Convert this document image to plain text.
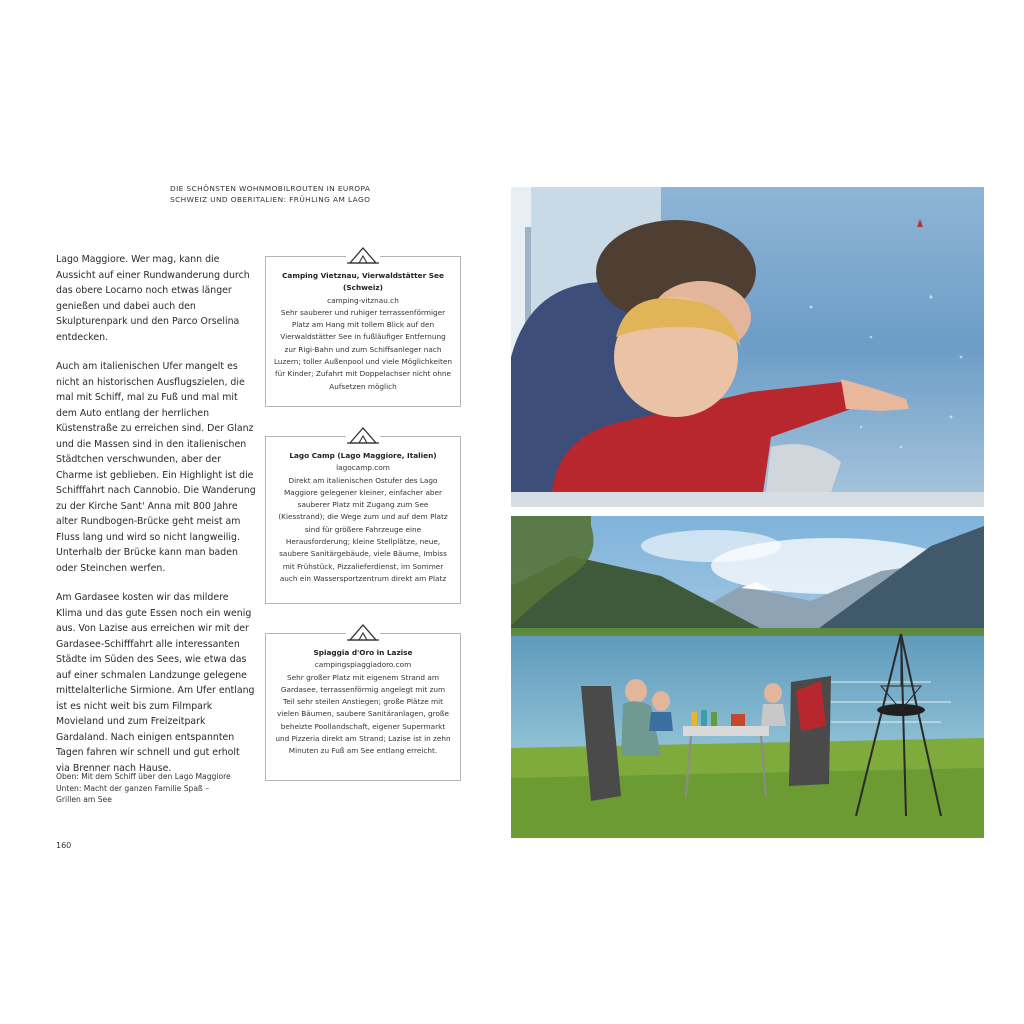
DIE SCHÖNSTEN WOHNMOBILROUTEN IN EUROPA
SCHWEIZ UND OBERITALIEN: FRÜHLING AM LAGO

Lago Maggiore. Wer mag, kann die Aussicht auf einer Rundwanderung durch das obere Locarno noch etwas länger genießen und dabei auch den Skulpturenpark und den Parco Orselina entdecken.

Auch am italienischen Ufer mangelt es nicht an historischen Ausflugszielen, die mal mit Schiff, mal zu Fuß und mal mit dem Auto entlang der herrlichen Küstenstraße zu erreichen sind. Der Glanz und die Massen sind in den italienischen Städtchen verschwunden, aber der Charme ist geblieben. Ein Highlight ist die Schifffahrt nach Cannobio. Die Wanderung zu der Kirche Sant' Anna mit 800 Jahre alter Rundbogen-Brücke geht meist am Fluss lang und wird so nicht langweilig. Unterhalb der Brücke kann man baden oder Steinchen werfen.

Am Gardasee kosten wir das mildere Klima und das gute Essen noch ein wenig aus. Von Lazise aus erreichen wir mit der Gardasee-Schifffahrt alle interessanten Städte im Süden des Sees, wie etwa das auf einer schmalen Landzunge gelegene mittelalterliche Sirmione. Am Ufer entlang ist es nicht weit bis zum Filmpark Movieland und zum Freizeitpark Gardaland. Nach einigen entspannten Tagen fahren wir schnell und gut erholt via Brenner nach Hause.

Oben: Mit dem Schiff über den Lago Maggiore
Unten: Macht der ganzen Familie Spaß –
Grillen am See
160
Camping Vietznau, Vierwaldstätter See (Schweiz)
camping-vitznau.ch
Sehr sauberer und ruhiger terrassenförmiger Platz am Hang mit tollem Blick auf den Vierwaldstätter See in fußläufiger Entfernung zur Rigi-Bahn und zum Schiffsanleger nach Luzern; toller Außenpool und viele Möglichkeiten für Kinder; Zufahrt mit Doppelachser nicht ohne Aufsetzen möglich
Lago Camp (Lago Maggiore, Italien)
lagocamp.com
Direkt am italienischen Ostufer des Lago Maggiore gelegener kleiner, einfacher aber sauberer Platz mit Zugang zum See (Kiesstrand); die Wege zum und auf dem Platz sind für größere Fahrzeuge eine Herausforderung; kleine Stellplätze, neue, saubere Sanitärgebäude, viele Bäume, Imbiss mit Frühstück, Pizzalieferdienst, im Sommer auch ein Wassersportzentrum direkt am Platz
Spiaggia d'Oro in Lazise
campingspiaggiadoro.com
Sehr großer Platz mit eigenem Strand am Gardasee, terrassenförmig angelegt mit zum Teil sehr steilen Anstiegen; große Plätze mit vielen Bäumen, saubere Sanitäranlagen, große beheizte Poollandschaft, eigener Supermarkt und Pizzeria direkt am Strand; Lazise ist in zehn Minuten zu Fuß am See entlang erreicht.
